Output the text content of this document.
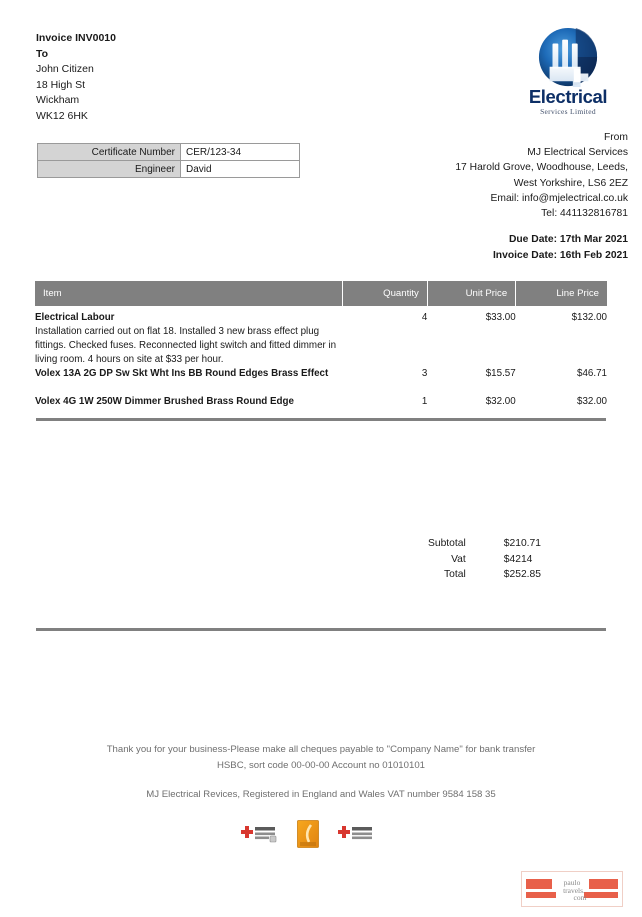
Invoice INV0010
To
John Citizen
18 High St
Wickham
WK12 6HK
Electrical
Services Limited
Certificate Number	CER/123-34
Engineer	David
From
MJ Electrical Services
17 Harold Grove, Woodhouse, Leeds,
West Yorkshire, LS6 2EZ
Email: info@mjelectrical.co.uk
Tel: 441132816781
Due Date: 17th Mar 2021
Invoice Date: 16th Feb 2021
Item	Quantity	Unit Price	Line Price

Electrical Labour
Installation carried out on flat 18. Installed 3 new brass effect plug fittings. Checked fuses. Reconnected light switch and fitted dimmer in living room. 4 hours on site at $33 per hour.	4	$33.00	$132.00

Volex 13A 2G DP Sw Skt Wht Ins BB Round Edges Brass Effect	3	$15.57	$46.71

Volex 4G 1W 250W Dimmer Brushed Brass Round Edge	1	$32.00	$32.00
Subtotal	$210.71
Vat	$4214
Total	$252.85
Thank you for your business-Please make all cheques payable to "Company Name" for bank transfer
HSBC, sort code 00-00-00 Account no 01010101
MJ Electrical Revices, Registered in England and Wales VAT number 9584 158 35
paulo
travels.
com
